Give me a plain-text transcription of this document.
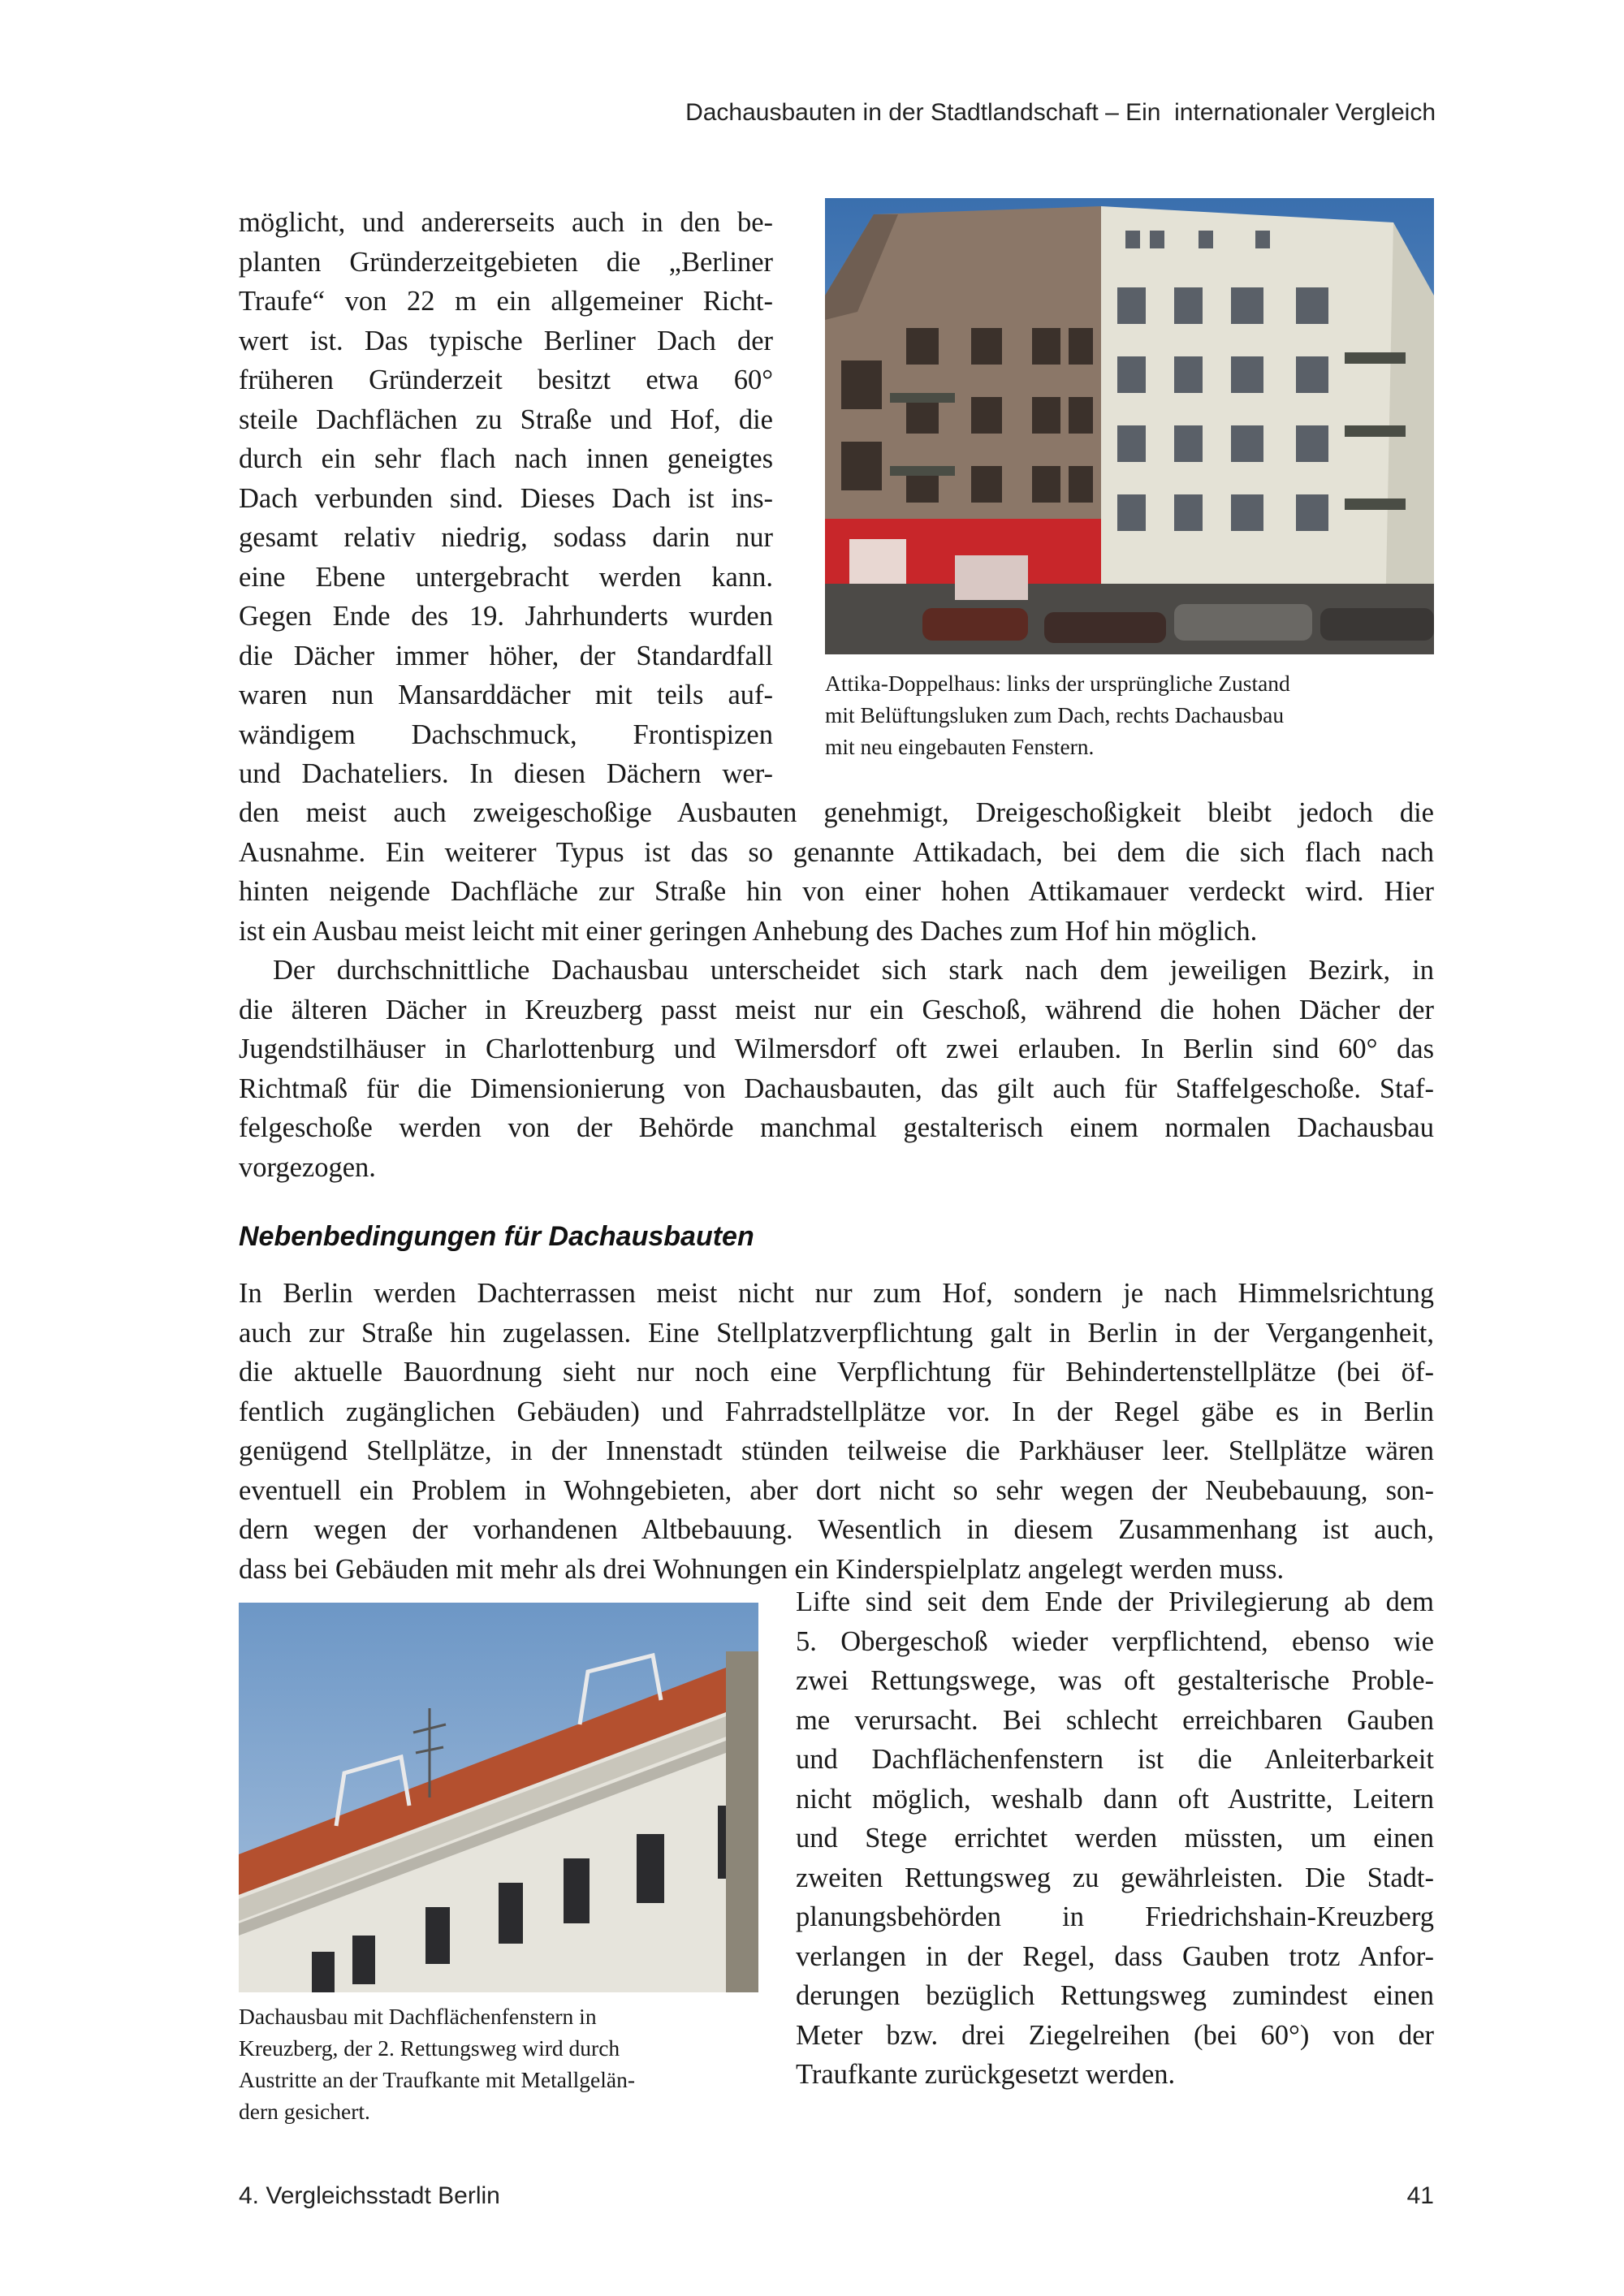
Dachausbauten in der Stadtlandschaft – Ein  internationaler Vergleich
möglicht, und andererseits auch in den be-
planten Gründerzeitgebieten die „Berliner
Traufe“ von 22 m ein allgemeiner Richt-
wert ist. Das typische Berliner Dach der
früheren Gründerzeit besitzt etwa 60°
steile Dachflächen zu Straße und Hof, die
durch ein sehr flach nach innen geneigtes
Dach verbunden sind. Dieses Dach ist ins-
gesamt relativ niedrig, sodass darin nur
eine Ebene untergebracht werden kann.
Gegen Ende des 19. Jahrhunderts wurden
die Dächer immer höher, der Standardfall
waren nun Mansarddächer mit teils auf-
wändigem Dachschmuck, Frontispizen
und Dachateliers. In diesen Dächern wer-
Attika-Doppelhaus: links der ursprüngliche Zustand
mit Belüftungsluken zum Dach, rechts Dachausbau
mit neu eingebauten Fenstern.
den meist auch zweigeschoßige Ausbauten genehmigt, Dreigeschoßigkeit bleibt jedoch die
Ausnahme. Ein weiterer Typus ist das so genannte Attikadach, bei dem die sich flach nach
hinten neigende Dachfläche zur Straße hin von einer hohen Attikamauer verdeckt wird. Hier
ist ein Ausbau meist leicht mit einer geringen Anhebung des Daches zum Hof hin möglich.
Der durchschnittliche Dachausbau unterscheidet sich stark nach dem jeweiligen Bezirk, in
die älteren Dächer in Kreuzberg passt meist nur ein Geschoß, während die hohen Dächer der
Jugendstilhäuser in Charlottenburg und Wilmersdorf oft zwei erlauben. In Berlin sind 60° das
Richtmaß für die Dimensionierung von Dachausbauten, das gilt auch für Staffelgeschoße. Staf-
felgeschoße werden von der Behörde manchmal gestalterisch einem normalen Dachausbau
vorgezogen.
Nebenbedingungen für Dachausbauten
In Berlin werden Dachterrassen meist nicht nur zum Hof, sondern je nach Himmelsrichtung
auch zur Straße hin zugelassen. Eine Stellplatzverpflichtung galt in Berlin in der Vergangenheit,
die aktuelle Bauordnung sieht nur noch eine Verpflichtung für Behindertenstellplätze (bei öf-
fentlich zugänglichen Gebäuden) und Fahrradstellplätze vor. In der Regel gäbe es in Berlin
genügend Stellplätze, in der Innenstadt stünden teilweise die Parkhäuser leer. Stellplätze wären
eventuell ein Problem in Wohngebieten, aber dort nicht so sehr wegen der Neubebauung, son-
dern wegen der vorhandenen Altbebauung. Wesentlich in diesem Zusammenhang ist auch,
dass bei Gebäuden mit mehr als drei Wohnungen ein Kinderspielplatz angelegt werden muss.
Dachausbau mit Dachflächenfenstern in
Kreuzberg, der 2. Rettungsweg wird durch
Austritte an der Traufkante mit Metallgelän-
dern gesichert.
Lifte sind seit dem Ende der Privilegierung ab dem
5. Obergeschoß wieder verpflichtend, ebenso wie
zwei Rettungswege, was oft gestalterische Proble-
me verursacht. Bei schlecht erreichbaren Gauben
und Dachflächenfenstern ist die Anleiterbarkeit
nicht möglich, weshalb dann oft Austritte, Leitern
und Stege errichtet werden müssten, um einen
zweiten Rettungsweg zu gewährleisten. Die Stadt-
planungsbehörden in Friedrichshain-Kreuzberg
verlangen in der Regel, dass Gauben trotz Anfor-
derungen bezüglich Rettungsweg zumindest einen
Meter bzw. drei Ziegelreihen (bei 60°) von der
Traufkante zurückgesetzt werden.
4. Vergleichsstadt Berlin	41
